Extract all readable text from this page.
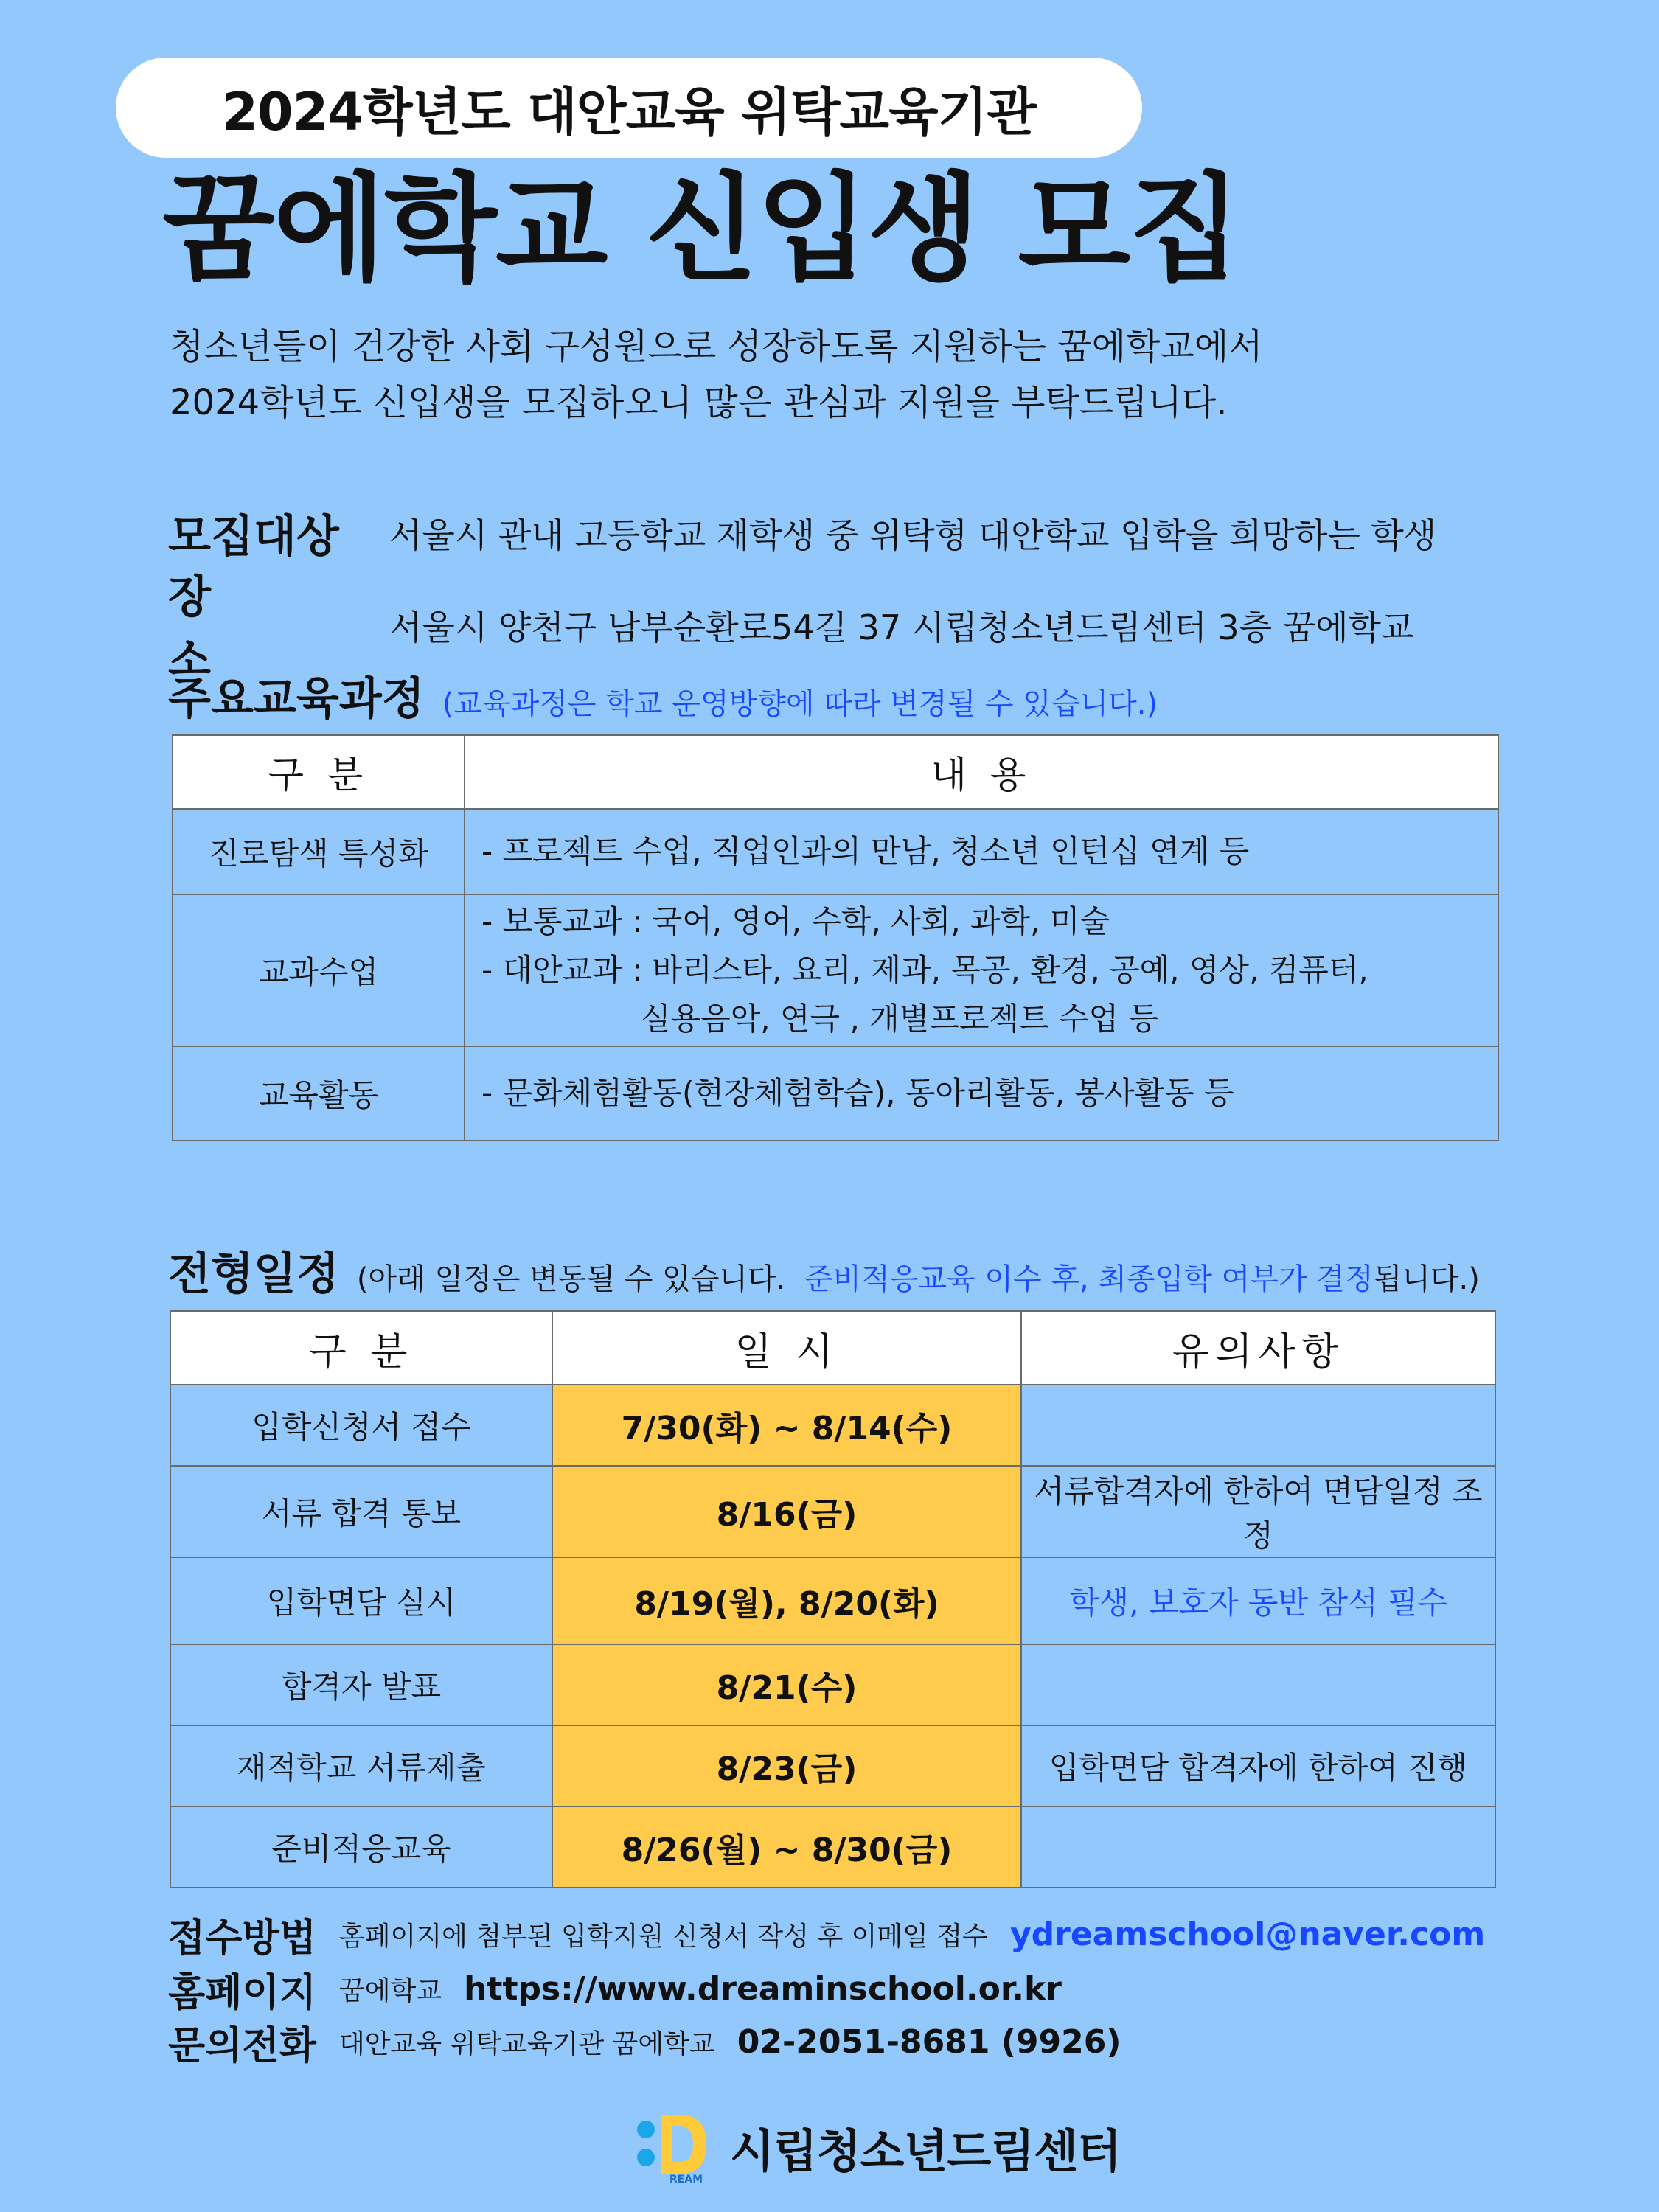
2024학년도 대안교육 위탁교육기관
꿈에학교 신입생 모집
청소년들이 건강한 사회 구성원으로 성장하도록 지원하는 꿈에학교에서
2024학년도 신입생을 모집하오니 많은 관심과 지원을 부탁드립니다.
모집대상	서울시 관내 고등학교 재학생 중 위탁형 대안학교 입학을 희망하는 학생
장 소
서울시 양천구 남부순환로54길 37 시립청소년드림센터 3층 꿈에학교
주요교육과정 (교육과정은 학교 운영방향에 따라 변경될 수 있습니다.)
구 분	내 용
진로탐색 특성화	- 프로젝트 수업, 직업인과의 만남, 청소년 인턴십 연계 등

교과수업	- 보통교과 : 국어, 영어, 수학, 사회, 과학, 미술
- 대안교과 : 바리스타, 요리, 제과, 목공, 환경, 공예, 영상, 컴퓨터,
실용음악, 연극 , 개별프로젝트 수업 등

교육활동	- 문화체험활동(현장체험학습), 동아리활동, 봉사활동 등
전형일정 (아래 일정은 변동될 수 있습니다. 준비적응교육 이수 후, 최종입학 여부가 결정됩니다.)
구 분	일 시	유의사항
입학신청서 접수	7/30(화) ~ 8/14(수)	
서류 합격 통보	8/16(금)	서류합격자에 한하여 면담일정 조정
입학면담 실시	8/19(월), 8/20(화)	학생, 보호자 동반 참석 필수
합격자 발표	8/21(수)	
재적학교 서류제출	8/23(금)	입학면담 합격자에 한하여 진행
준비적응교육	8/26(월) ~ 8/30(금)	
접수방법 홈페이지에 첨부된 입학지원 신청서 작성 후 이메일 접수 ydreamschool@naver.com
홈페이지 꿈에학교 https://www.dreaminschool.or.kr
문의전화 대안교육 위탁교육기관 꿈에학교 02-2051-8681 (9926)
REAM
시립청소년드림센터
